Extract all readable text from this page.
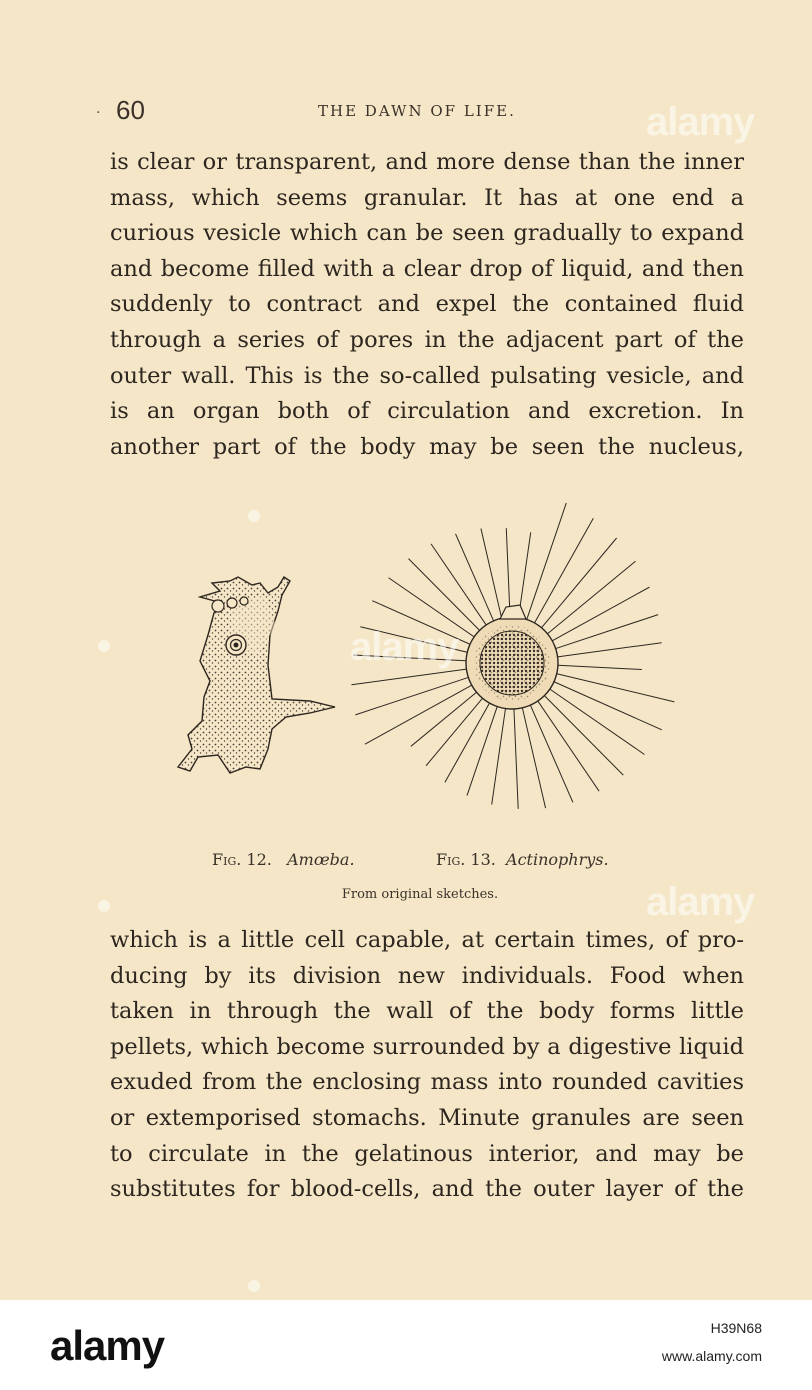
· 60	THE DAWN OF LIFE.
is clear or transparent, and more dense than the inner
mass, which seems granular. It has at one end a
curious vesicle which can be seen gradually to expand
and become filled with a clear drop of liquid, and then
suddenly to contract and expel the contained fluid
through a series of pores in the adjacent part of the
outer wall. This is the so-called pulsating vesicle, and
is an organ both of circulation and excretion. In
another part of the body may be seen the nucleus,
Fig. 12. Amœba.	Fig. 13. Actinophrys.
From original sketches.
which is a little cell capable, at certain times, of pro-
ducing by its division new individuals. Food when
taken in through the wall of the body forms little
pellets, which become surrounded by a digestive liquid
exuded from the enclosing mass into rounded cavities
or extemporised stomachs. Minute granules are seen
to circulate in the gelatinous interior, and may be
substitutes for blood-cells, and the outer layer of the
alamy
alamy
alamy
alamy	H39N68
www.alamy.com
